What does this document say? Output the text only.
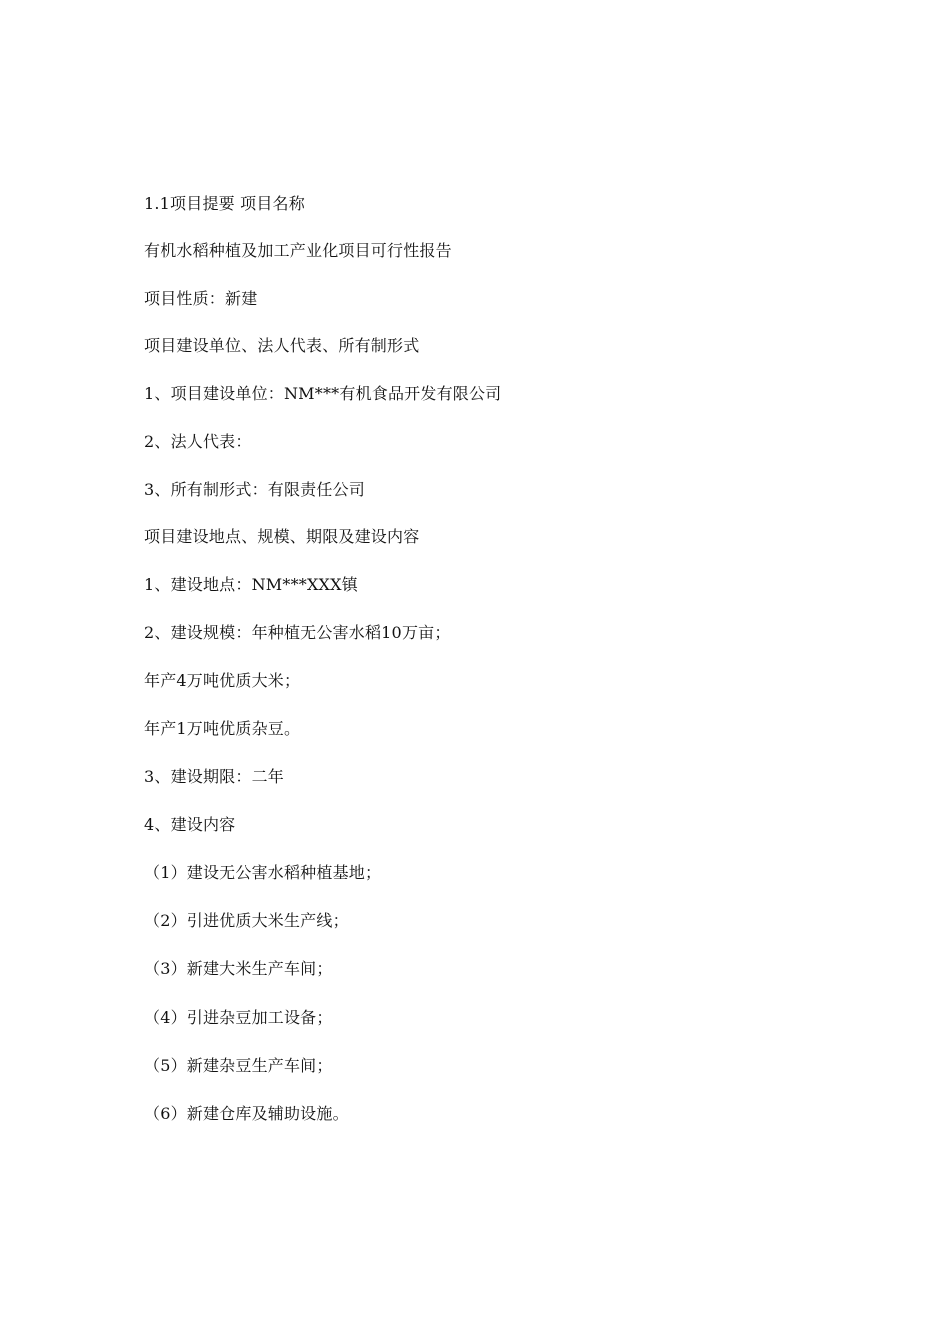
1.1项目提要 项目名称
有机水稻种植及加工产业化项目可行性报告
项目性质：新建
项目建设单位、法人代表、所有制形式
1、项目建设单位：NM***有机食品开发有限公司
2、法人代表：
3、所有制形式：有限责任公司
项目建设地点、规模、期限及建设内容
1、建设地点：NM***XXX镇
2、建设规模：年种植无公害水稻10万亩；
年产4万吨优质大米；
年产1万吨优质杂豆。
3、建设期限：二年
4、建设内容
（1）建设无公害水稻种植基地；
（2）引进优质大米生产线；
（3）新建大米生产车间；
（4）引进杂豆加工设备；
（5）新建杂豆生产车间；
（6）新建仓库及辅助设施。
